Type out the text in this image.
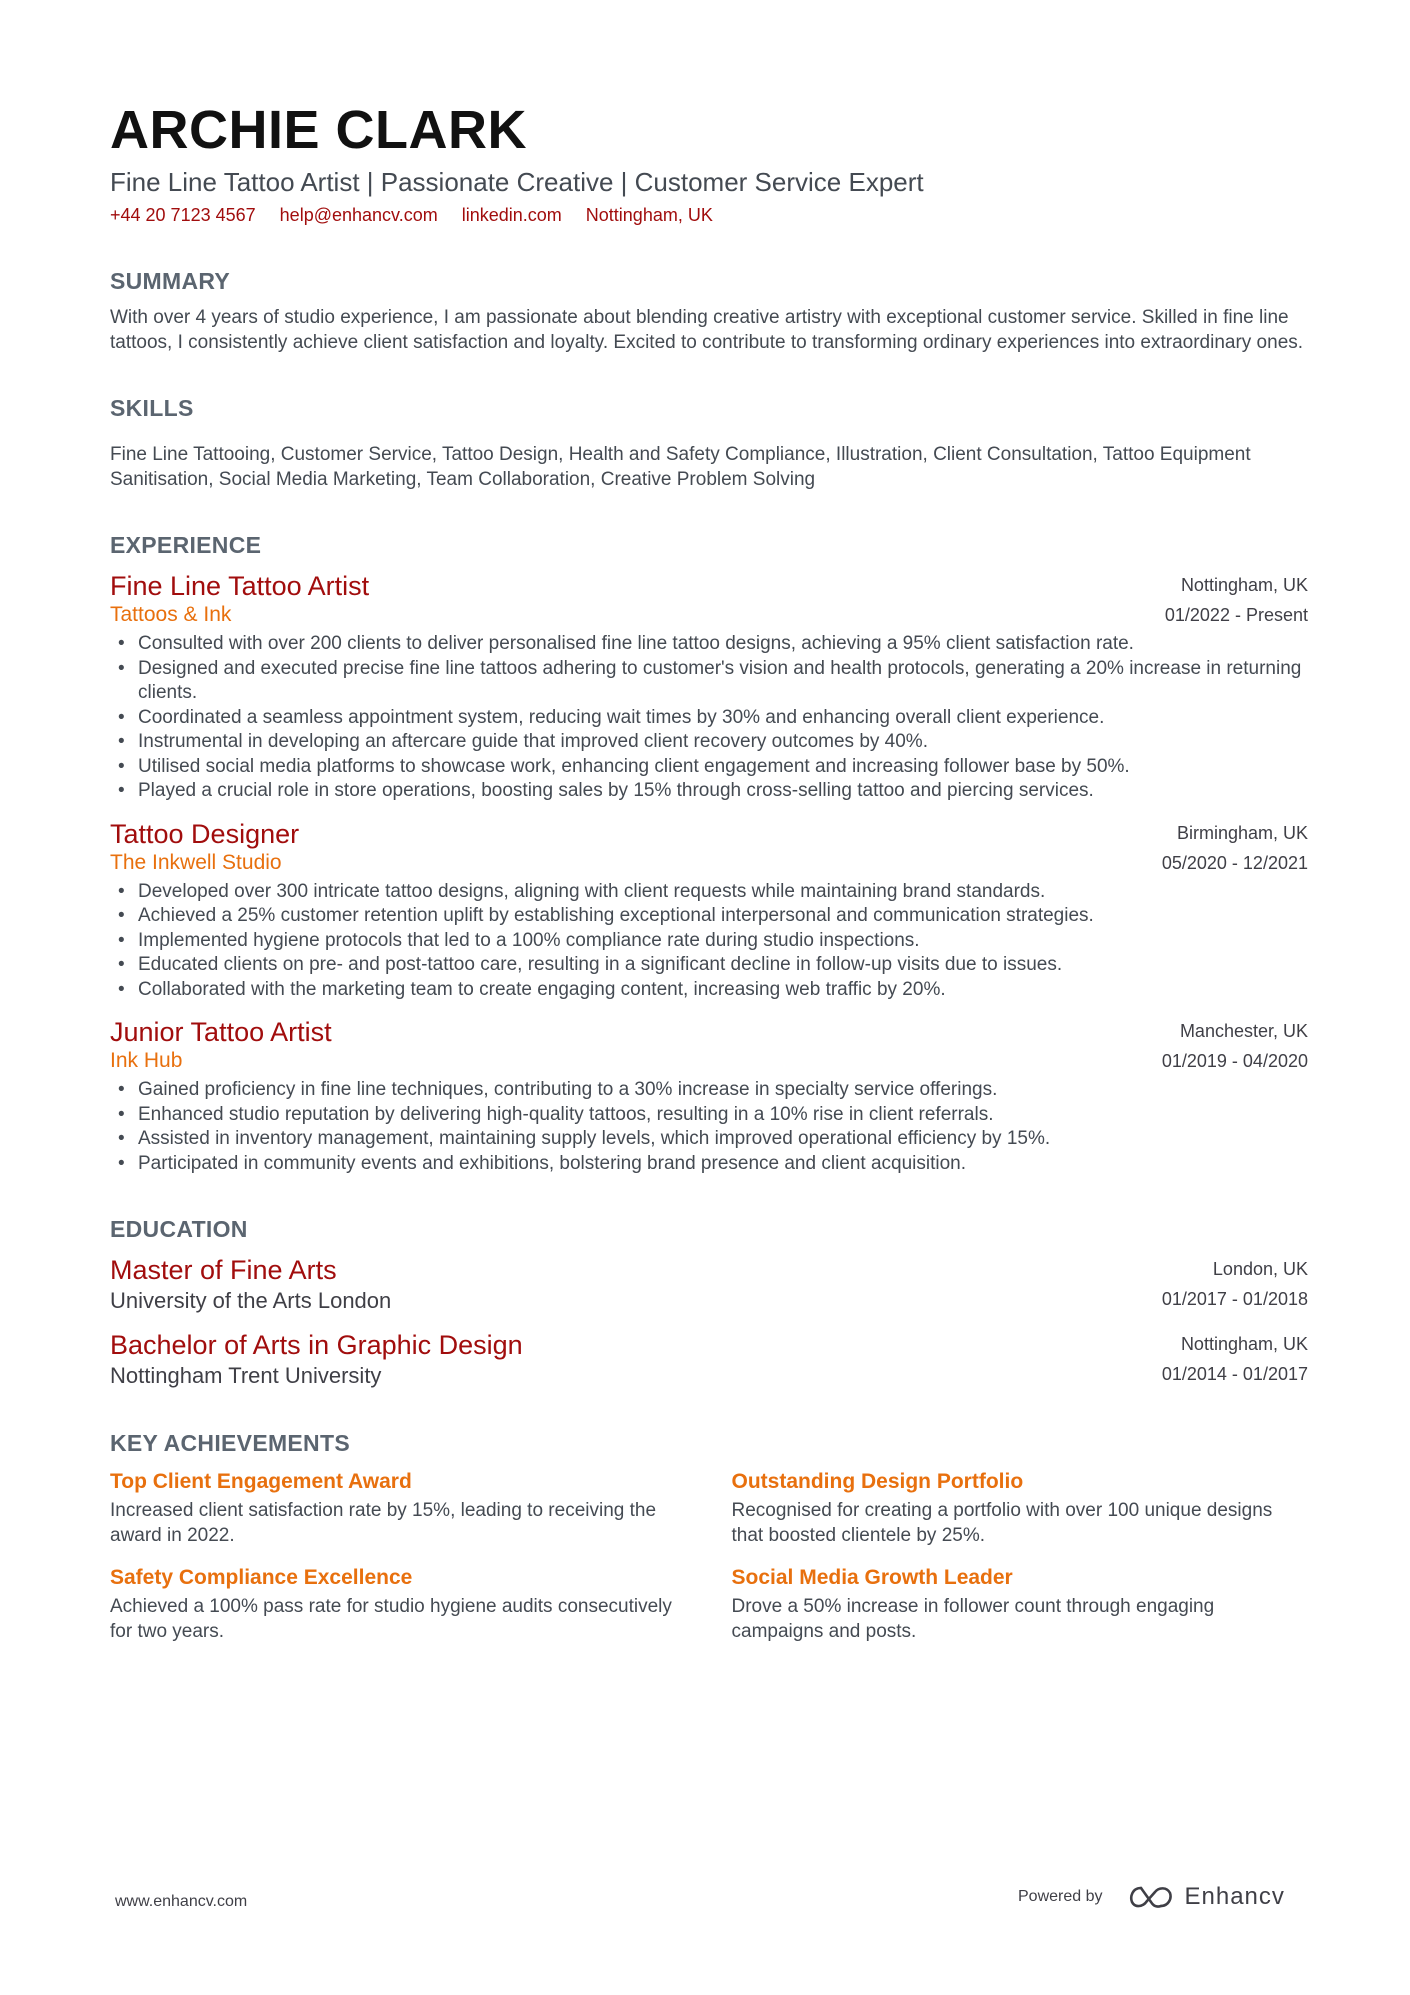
ARCHIE CLARK
Fine Line Tattoo Artist | Passionate Creative | Customer Service Expert
+44 20 7123 4567 help@enhancv.com linkedin.com Nottingham, UK
SUMMARY
With over 4 years of studio experience, I am passionate about blending creative artistry with exceptional customer service. Skilled in fine line tattoos, I consistently achieve client satisfaction and loyalty. Excited to contribute to transforming ordinary experiences into extraordinary ones.
SKILLS
Fine Line Tattooing, Customer Service, Tattoo Design, Health and Safety Compliance, Illustration, Client Consultation, Tattoo Equipment Sanitisation, Social Media Marketing, Team Collaboration, Creative Problem Solving
EXPERIENCE
Fine Line Tattoo Artist
Tattoos & Ink
Nottingham, UK
01/2022 - Present
• Consulted with over 200 clients to deliver personalised fine line tattoo designs, achieving a 95% client satisfaction rate.
• Designed and executed precise fine line tattoos adhering to customer's vision and health protocols, generating a 20% increase in returning clients.
• Coordinated a seamless appointment system, reducing wait times by 30% and enhancing overall client experience.
• Instrumental in developing an aftercare guide that improved client recovery outcomes by 40%.
• Utilised social media platforms to showcase work, enhancing client engagement and increasing follower base by 50%.
• Played a crucial role in store operations, boosting sales by 15% through cross-selling tattoo and piercing services.
Tattoo Designer
The Inkwell Studio
Birmingham, UK
05/2020 - 12/2021
• Developed over 300 intricate tattoo designs, aligning with client requests while maintaining brand standards.
• Achieved a 25% customer retention uplift by establishing exceptional interpersonal and communication strategies.
• Implemented hygiene protocols that led to a 100% compliance rate during studio inspections.
• Educated clients on pre- and post-tattoo care, resulting in a significant decline in follow-up visits due to issues.
• Collaborated with the marketing team to create engaging content, increasing web traffic by 20%.
Junior Tattoo Artist
Ink Hub
Manchester, UK
01/2019 - 04/2020
• Gained proficiency in fine line techniques, contributing to a 30% increase in specialty service offerings.
• Enhanced studio reputation by delivering high-quality tattoos, resulting in a 10% rise in client referrals.
• Assisted in inventory management, maintaining supply levels, which improved operational efficiency by 15%.
• Participated in community events and exhibitions, bolstering brand presence and client acquisition.
EDUCATION
Master of Fine Arts
University of the Arts London
London, UK
01/2017 - 01/2018
Bachelor of Arts in Graphic Design
Nottingham Trent University
Nottingham, UK
01/2014 - 01/2017
KEY ACHIEVEMENTS
Top Client Engagement Award
Increased client satisfaction rate by 15%, leading to receiving the award in 2022.
Outstanding Design Portfolio
Recognised for creating a portfolio with over 100 unique designs that boosted clientele by 25%.
Safety Compliance Excellence
Achieved a 100% pass rate for studio hygiene audits consecutively for two years.
Social Media Growth Leader
Drove a 50% increase in follower count through engaging campaigns and posts.
www.enhancv.com	Powered by	Enhancv
